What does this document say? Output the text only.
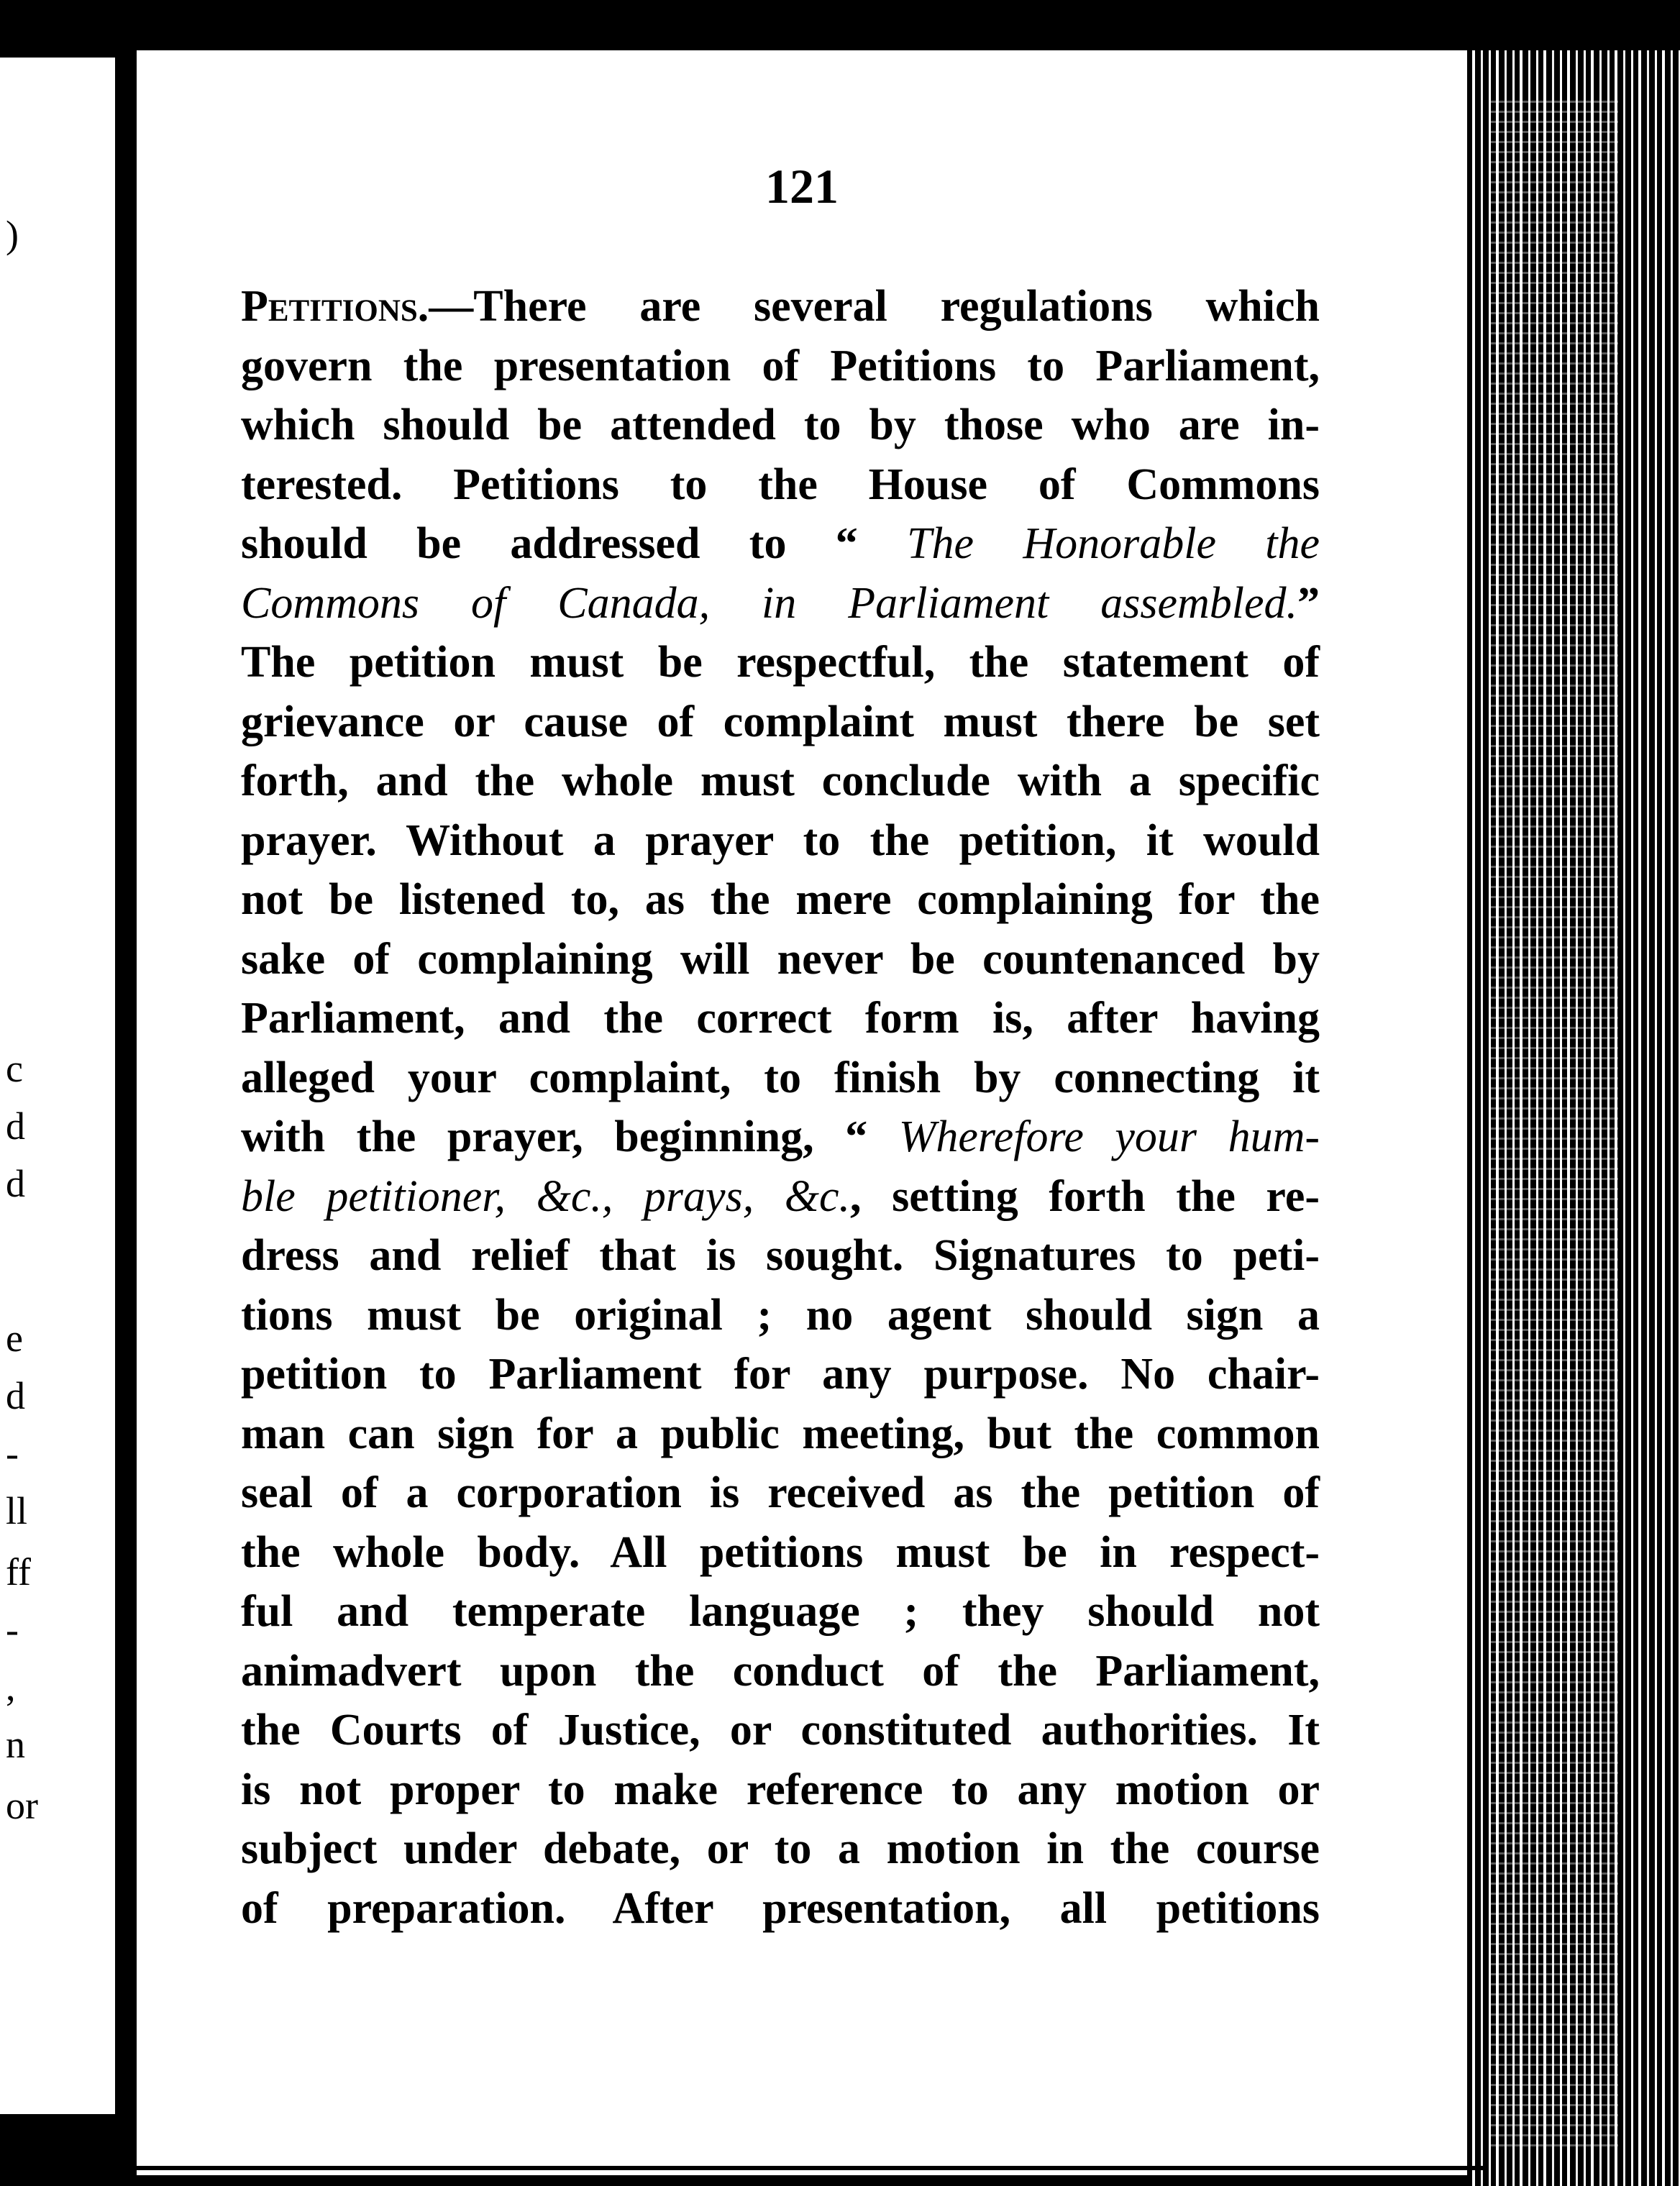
)
c
d
d
e
d
-
ll
ff
-
,
n
or
121
Petitions.—There are several regulations which
govern the presentation of Petitions to Parliament,
which should be attended to by those who are in-
terested. Petitions to the House of Commons
should be addressed to “ The Honorable the
Commons of Canada, in Parliament assembled.”
The petition must be respectful, the statement of
grievance or cause of complaint must there be set
forth, and the whole must conclude with a specific
prayer. Without a prayer to the petition, it would
not be listened to, as the mere complaining for the
sake of complaining will never be countenanced by
Parliament, and the correct form is, after having
alleged your complaint, to finish by connecting it
with the prayer, beginning, “ Wherefore your hum-
ble petitioner, &c., prays, &c., setting forth the re-
dress and relief that is sought. Signatures to peti-
tions must be original ; no agent should sign a
petition to Parliament for any purpose. No chair-
man can sign for a public meeting, but the common
seal of a corporation is received as the petition of
the whole body. All petitions must be in respect-
ful and temperate language ; they should not
animadvert upon the conduct of the Parliament,
the Courts of Justice, or constituted authorities. It
is not proper to make reference to any motion or
subject under debate, or to a motion in the course
of preparation. After presentation, all petitions
